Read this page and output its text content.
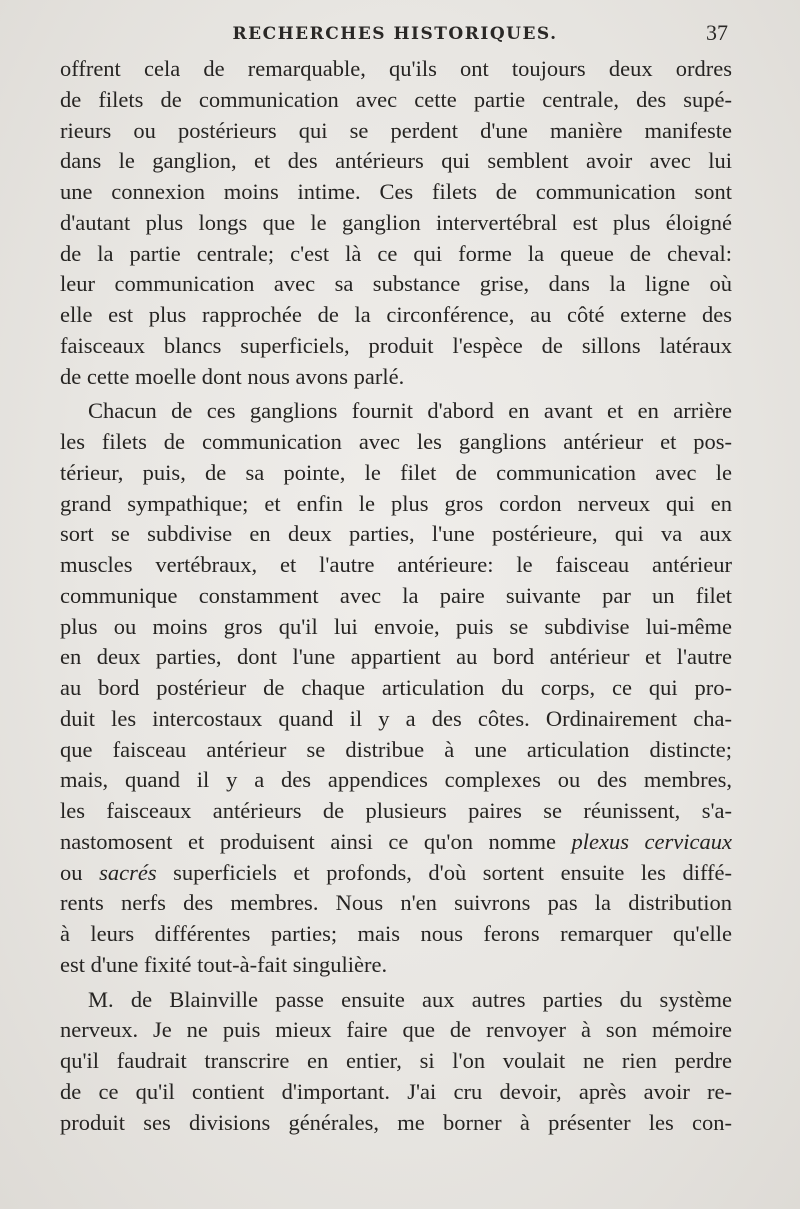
RECHERCHES HISTORIQUES.	37
offrent cela de remarquable, qu'ils ont toujours deux ordres
de filets de communication avec cette partie centrale, des supé-
rieurs ou postérieurs qui se perdent d'une manière manifeste
dans le ganglion, et des antérieurs qui semblent avoir avec lui
une connexion moins intime. Ces filets de communication sont
d'autant plus longs que le ganglion intervertébral est plus éloigné
de la partie centrale; c'est là ce qui forme la queue de cheval:
leur communication avec sa substance grise, dans la ligne où
elle est plus rapprochée de la circonférence, au côté externe des
faisceaux blancs superficiels, produit l'espèce de sillons latéraux
de cette moelle dont nous avons parlé.
Chacun de ces ganglions fournit d'abord en avant et en arrière
les filets de communication avec les ganglions antérieur et pos-
térieur, puis, de sa pointe, le filet de communication avec le
grand sympathique; et enfin le plus gros cordon nerveux qui en
sort se subdivise en deux parties, l'une postérieure, qui va aux
muscles vertébraux, et l'autre antérieure: le faisceau antérieur
communique constamment avec la paire suivante par un filet
plus ou moins gros qu'il lui envoie, puis se subdivise lui-même
en deux parties, dont l'une appartient au bord antérieur et l'autre
au bord postérieur de chaque articulation du corps, ce qui pro-
duit les intercostaux quand il y a des côtes. Ordinairement cha-
que faisceau antérieur se distribue à une articulation distincte;
mais, quand il y a des appendices complexes ou des membres,
les faisceaux antérieurs de plusieurs paires se réunissent, s'a-
nastomosent et produisent ainsi ce qu'on nomme plexus cervicaux
ou sacrés superficiels et profonds, d'où sortent ensuite les diffé-
rents nerfs des membres. Nous n'en suivrons pas la distribution
à leurs différentes parties; mais nous ferons remarquer qu'elle
est d'une fixité tout-à-fait singulière.
M. de Blainville passe ensuite aux autres parties du système
nerveux. Je ne puis mieux faire que de renvoyer à son mémoire
qu'il faudrait transcrire en entier, si l'on voulait ne rien perdre
de ce qu'il contient d'important. J'ai cru devoir, après avoir re-
produit ses divisions générales, me borner à présenter les con-
